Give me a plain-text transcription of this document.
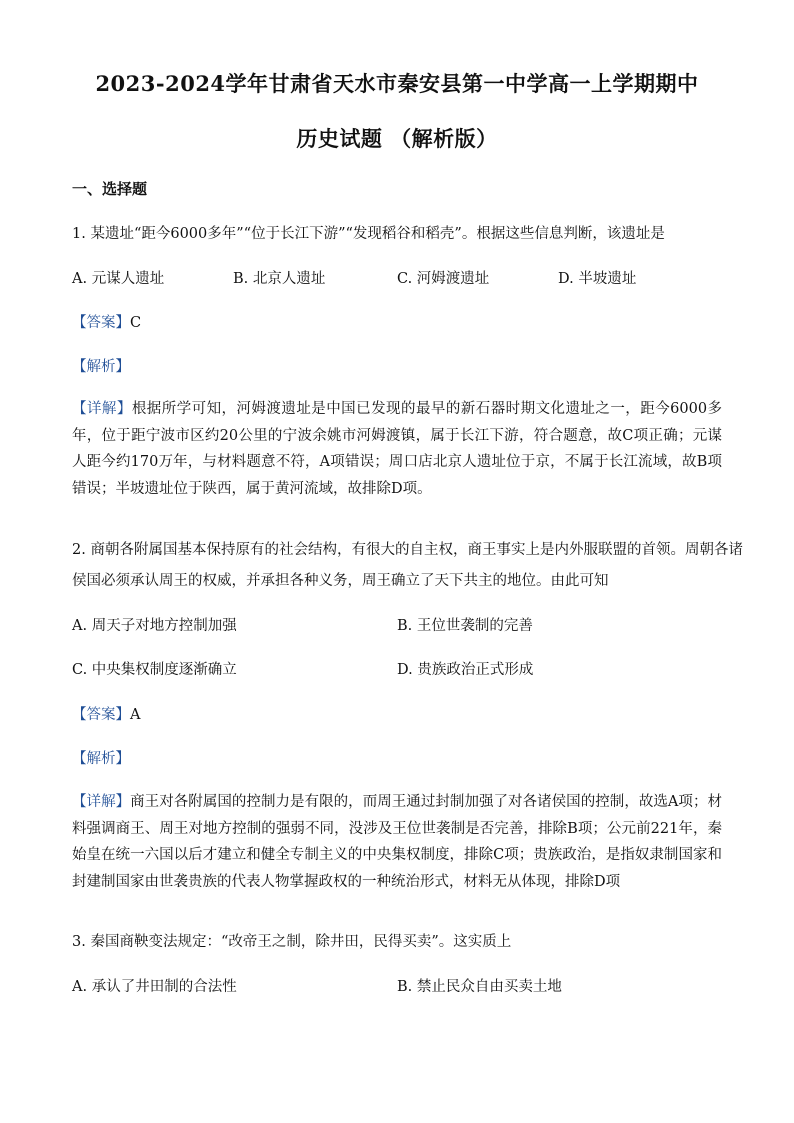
2023-2024学年甘肃省天水市秦安县第一中学高一上学期期中
历史试题 （解析版）
一、选择题
1. 某遗址“距今6000多年”“位于长江下游”“发现稻谷和稻壳”。根据这些信息判断，该遗址是
A. 元谋人遗址	B. 北京人遗址	C. 河姆渡遗址	D. 半坡遗址
【答案】C
【解析】
【详解】根据所学可知，河姆渡遗址是中国已发现的最早的新石器时期文化遗址之一，距今6000多年，位于距宁波市区约20公里的宁波余姚市河姆渡镇，属于长江下游，符合题意，故C项正确；元谋人距今约170万年，与材料题意不符，A项错误；周口店北京人遗址位于京，不属于长江流域，故B项错误；半坡遗址位于陕西，属于黄河流域，故排除D项。
2. 商朝各附属国基本保持原有的社会结构，有很大的自主权，商王事实上是内外服联盟的首领。周朝各诸
侯国必须承认周王的权威，并承担各种义务，周王确立了天下共主的地位。由此可知
A. 周天子对地方控制加强	B. 王位世袭制的完善
C. 中央集权制度逐渐确立	D. 贵族政治正式形成
【答案】A
【解析】
【详解】商王对各附属国的控制力是有限的，而周王通过封制加强了对各诸侯国的控制，故选A项；材料强调商王、周王对地方控制的强弱不同，没涉及王位世袭制是否完善，排除B项；公元前221年，秦始皇在统一六国以后才建立和健全专制主义的中央集权制度，排除C项；贵族政治，是指奴隶制国家和封建制国家由世袭贵族的代表人物掌握政权的一种统治形式，材料无从体现，排除D项
3. 秦国商鞅变法规定：“改帝王之制，除井田，民得买卖”。这实质上
A. 承认了井田制的合法性	B. 禁止民众自由买卖土地
